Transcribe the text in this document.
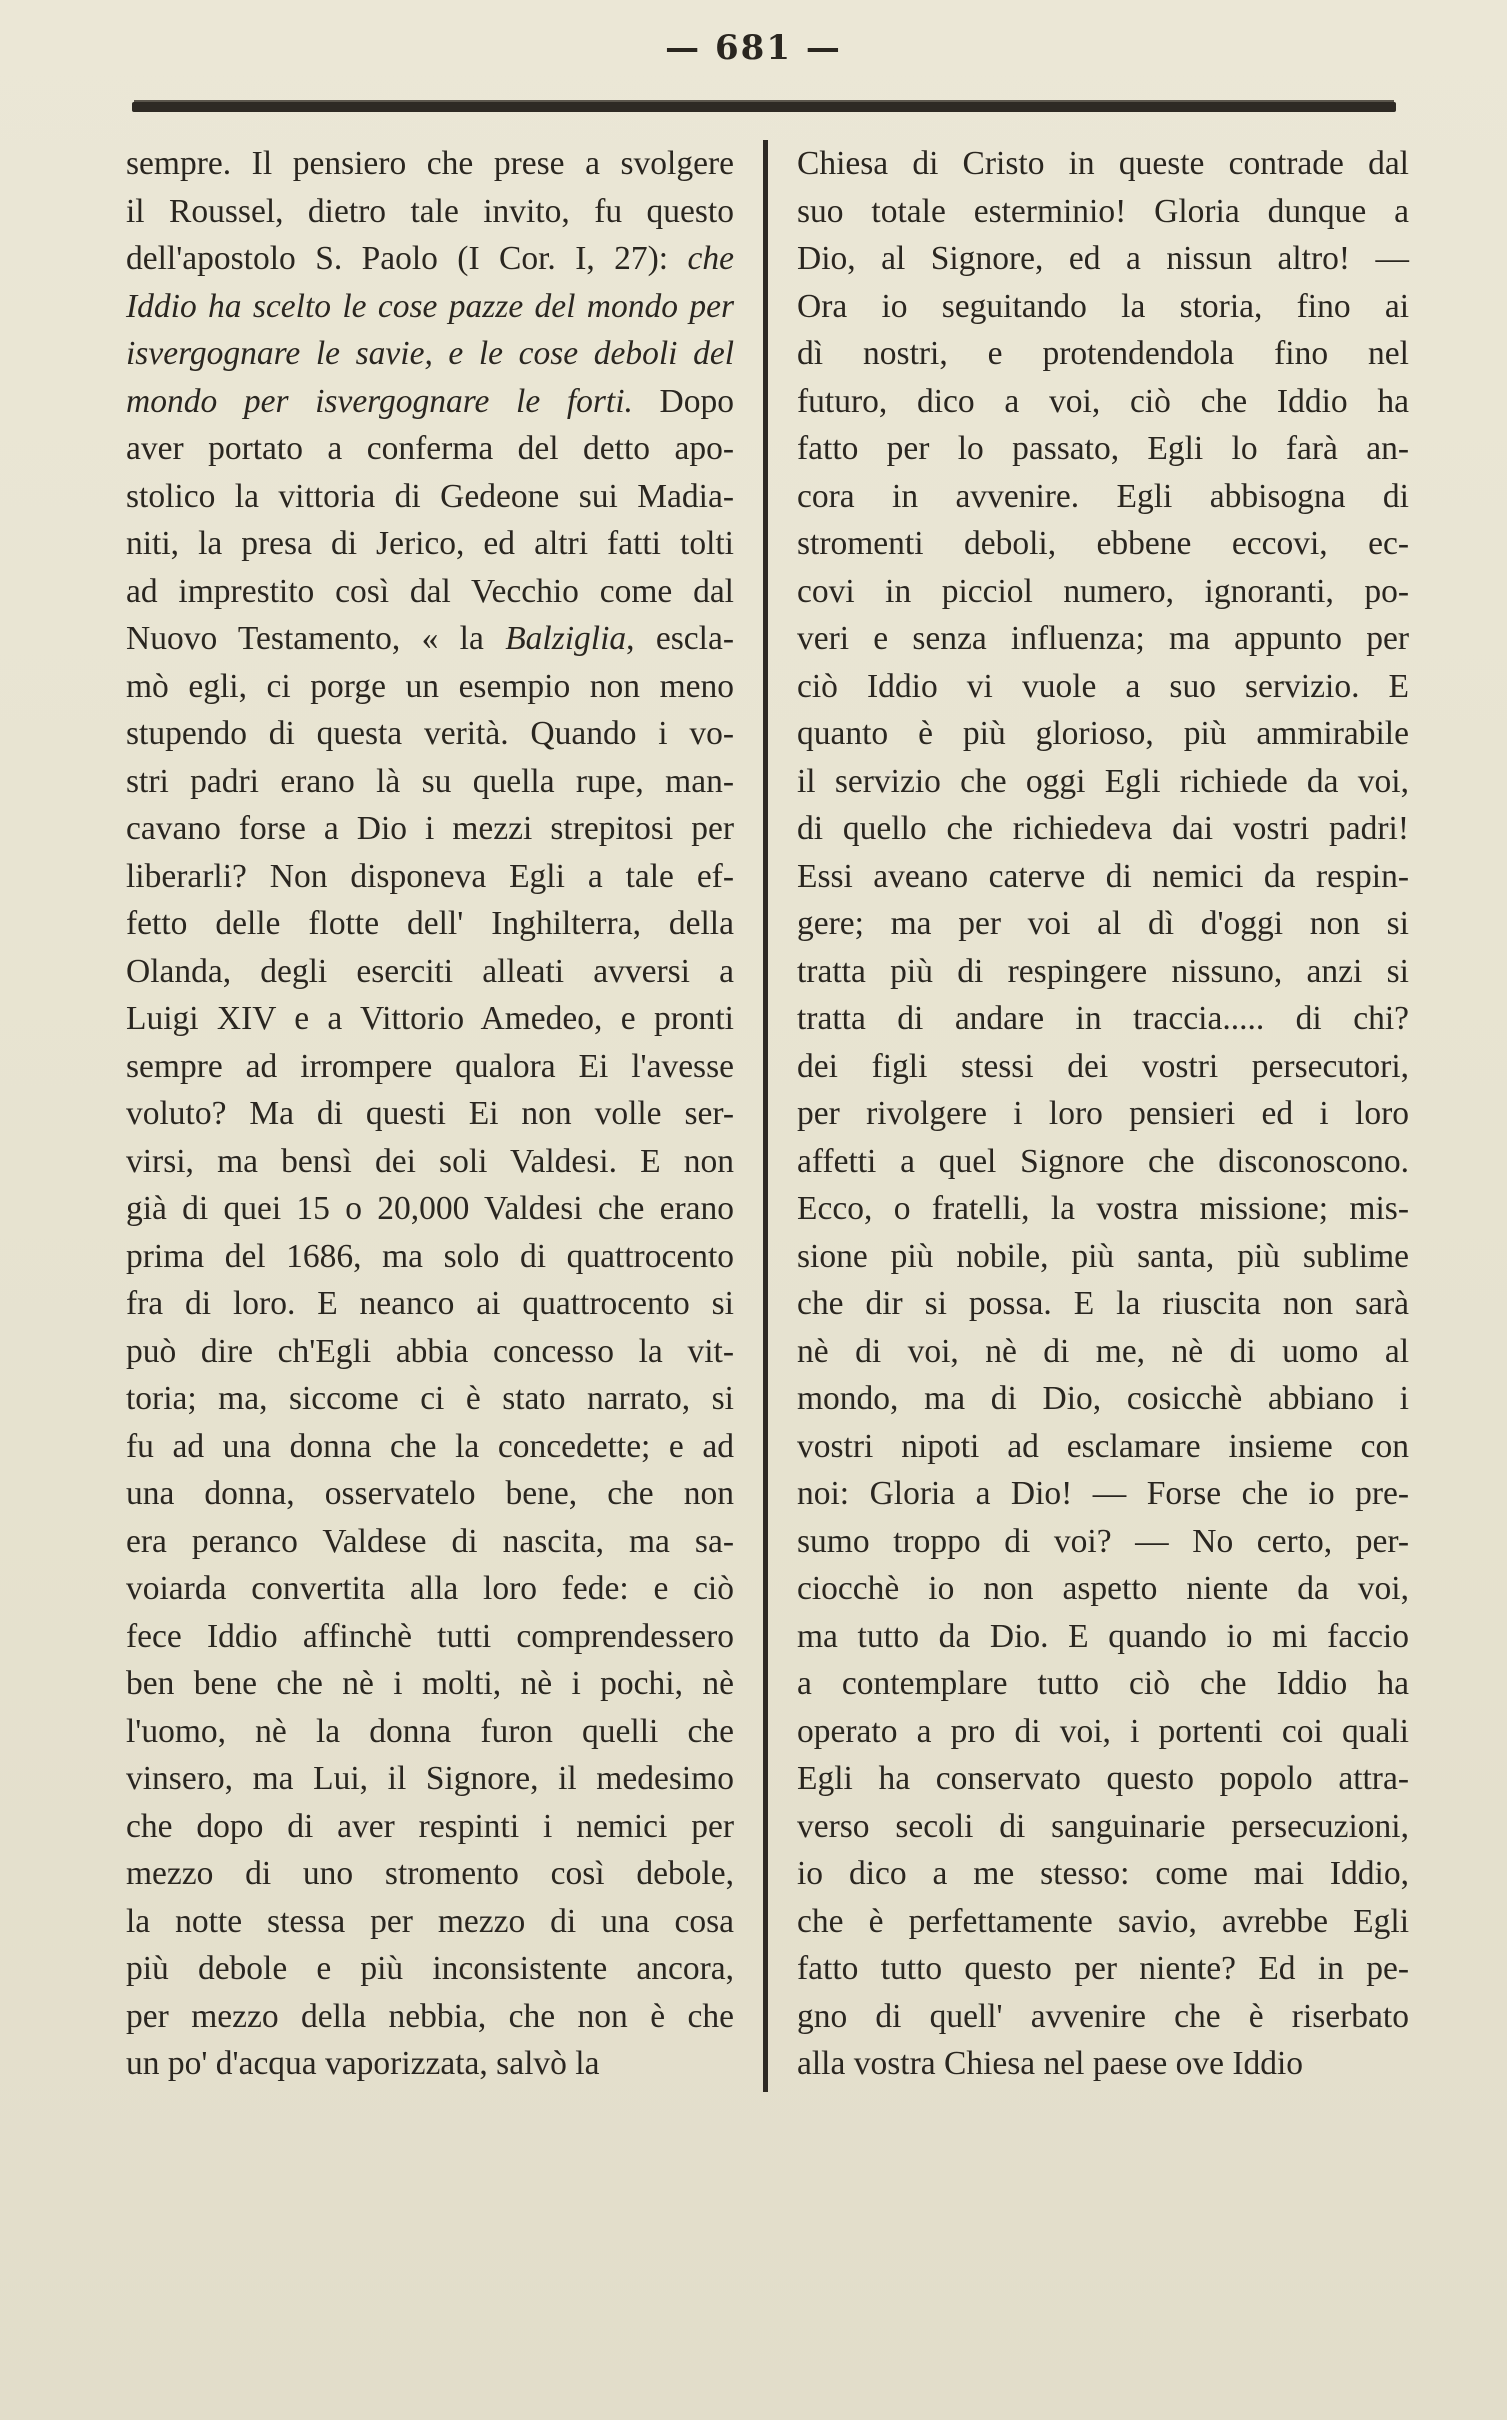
— 681 —
sempre. Il pensiero che prese a svolgere
il Roussel, dietro tale invito, fu questo
dell'apostolo S. Paolo (I Cor. I, 27): che
Iddio ha scelto le cose pazze del mondo per
isvergognare le savie, e le cose deboli del
mondo per isvergognare le forti. Dopo
aver portato a conferma del detto apo-
stolico la vittoria di Gedeone sui Madia-
niti, la presa di Jerico, ed altri fatti tolti
ad imprestito così dal Vecchio come dal
Nuovo Testamento, « la Balziglia, escla-
mò egli, ci porge un esempio non meno
stupendo di questa verità. Quando i vo-
stri padri erano là su quella rupe, man-
cavano forse a Dio i mezzi strepitosi per
liberarli? Non disponeva Egli a tale ef-
fetto delle flotte dell' Inghilterra, della
Olanda, degli eserciti alleati avversi a
Luigi XIV e a Vittorio Amedeo, e pronti
sempre ad irrompere qualora Ei l'avesse
voluto? Ma di questi Ei non volle ser-
virsi, ma bensì dei soli Valdesi. E non
già di quei 15 o 20,000 Valdesi che erano
prima del 1686, ma solo di quattrocento
fra di loro. E neanco ai quattrocento si
può dire ch'Egli abbia concesso la vit-
toria; ma, siccome ci è stato narrato, si
fu ad una donna che la concedette; e ad
una donna, osservatelo bene, che non
era peranco Valdese di nascita, ma sa-
voiarda convertita alla loro fede: e ciò
fece Iddio affinchè tutti comprendessero
ben bene che nè i molti, nè i pochi, nè
l'uomo, nè la donna furon quelli che
vinsero, ma Lui, il Signore, il medesimo
che dopo di aver respinti i nemici per
mezzo di uno stromento così debole,
la notte stessa per mezzo di una cosa
più debole e più inconsistente ancora,
per mezzo della nebbia, che non è che
un po' d'acqua vaporizzata, salvò la
Chiesa di Cristo in queste contrade dal
suo totale esterminio! Gloria dunque a
Dio, al Signore, ed a nissun altro! —
Ora io seguitando la storia, fino ai
dì nostri, e protendendola fino nel
futuro, dico a voi, ciò che Iddio ha
fatto per lo passato, Egli lo farà an-
cora in avvenire. Egli abbisogna di
stromenti deboli, ebbene eccovi, ec-
covi in picciol numero, ignoranti, po-
veri e senza influenza; ma appunto per
ciò Iddio vi vuole a suo servizio. E
quanto è più glorioso, più ammirabile
il servizio che oggi Egli richiede da voi,
di quello che richiedeva dai vostri padri!
Essi aveano caterve di nemici da respin-
gere; ma per voi al dì d'oggi non si
tratta più di respingere nissuno, anzi si
tratta di andare in traccia..... di chi?
dei figli stessi dei vostri persecutori,
per rivolgere i loro pensieri ed i loro
affetti a quel Signore che disconoscono.
Ecco, o fratelli, la vostra missione; mis-
sione più nobile, più santa, più sublime
che dir si possa. E la riuscita non sarà
nè di voi, nè di me, nè di uomo al
mondo, ma di Dio, cosicchè abbiano i
vostri nipoti ad esclamare insieme con
noi: Gloria a Dio! — Forse che io pre-
sumo troppo di voi? — No certo, per-
ciocchè io non aspetto niente da voi,
ma tutto da Dio. E quando io mi faccio
a contemplare tutto ciò che Iddio ha
operato a pro di voi, i portenti coi quali
Egli ha conservato questo popolo attra-
verso secoli di sanguinarie persecuzioni,
io dico a me stesso: come mai Iddio,
che è perfettamente savio, avrebbe Egli
fatto tutto questo per niente? Ed in pe-
gno di quell' avvenire che è riserbato
alla vostra Chiesa nel paese ove Iddio
